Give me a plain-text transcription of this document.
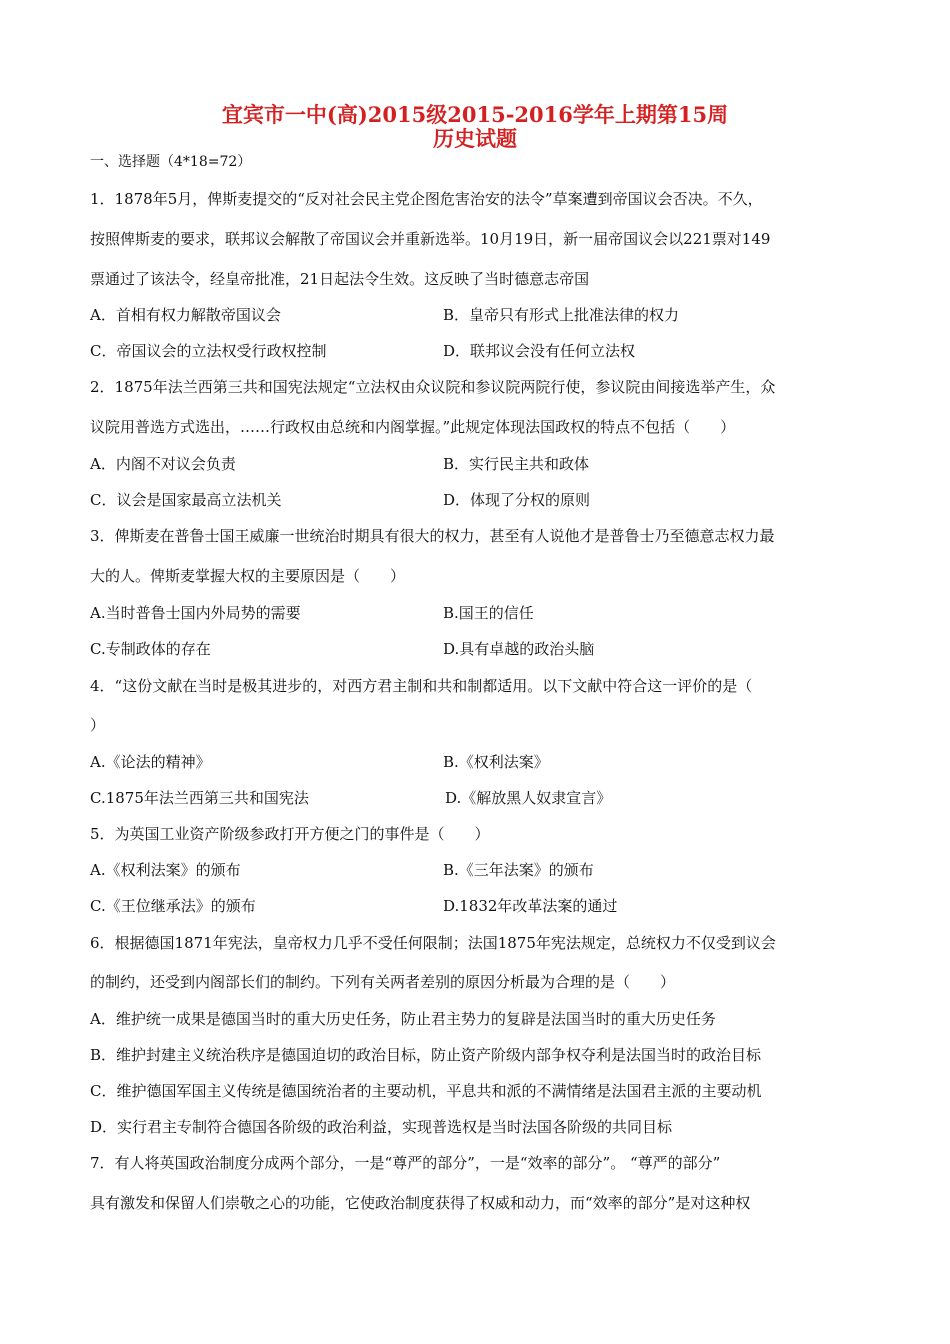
宜宾市一中(高)2015级2015-2016学年上期第15周
历史试题
一、选择题（4*18=72）
1．1878年5月，俾斯麦提交的“反对社会民主党企图危害治安的法令”草案遭到帝国议会否决。不久，
按照俾斯麦的要求，联邦议会解散了帝国议会并重新选举。10月19日，新一届帝国议会以221票对149
票通过了该法令，经皇帝批准，21日起法令生效。这反映了当时德意志帝国
A．首相有权力解散帝国议会	B．皇帝只有形式上批准法律的权力
C．帝国议会的立法权受行政权控制	D．联邦议会没有任何立法权
2．1875年法兰西第三共和国宪法规定“立法权由众议院和参议院两院行使，参议院由间接选举产生，众
议院用普选方式选出，……行政权由总统和内阁掌握。”此规定体现法国政权的特点不包括（　　）
A．内阁不对议会负责	B．实行民主共和政体
C．议会是国家最高立法机关	D．体现了分权的原则
3．俾斯麦在普鲁士国王威廉一世统治时期具有很大的权力，甚至有人说他才是普鲁士乃至德意志权力最
大的人。俾斯麦掌握大权的主要原因是（　　）
A.当时普鲁士国内外局势的需要	B.国王的信任
C.专制政体的存在	D.具有卓越的政治头脑
4．“这份文献在当时是极其进步的，对西方君主制和共和制都适用。以下文献中符合这一评价的是（
）
A.《论法的精神》	B.《权利法案》
C.1875年法兰西第三共和国宪法	D.《解放黑人奴隶宣言》
5．为英国工业资产阶级参政打开方便之门的事件是（　　）
A.《权利法案》的颁布	B.《三年法案》的颁布
C.《王位继承法》的颁布	D.1832年改革法案的通过
6．根据德国1871年宪法，皇帝权力几乎不受任何限制；法国1875年宪法规定，总统权力不仅受到议会
的制约，还受到内阁部长们的制约。下列有关两者差别的原因分析最为合理的是（　　）
A．维护统一成果是德国当时的重大历史任务，防止君主势力的复辟是法国当时的重大历史任务
B．维护封建主义统治秩序是德国迫切的政治目标，防止资产阶级内部争权夺利是法国当时的政治目标
C．维护德国军国主义传统是德国统治者的主要动机，平息共和派的不满情绪是法国君主派的主要动机
D．实行君主专制符合德国各阶级的政治利益，实现普选权是当时法国各阶级的共同目标
7．有人将英国政治制度分成两个部分，一是“尊严的部分”，一是“效率的部分”。 “尊严的部分”
具有激发和保留人们崇敬之心的功能，它使政治制度获得了权威和动力，而“效率的部分”是对这种权
